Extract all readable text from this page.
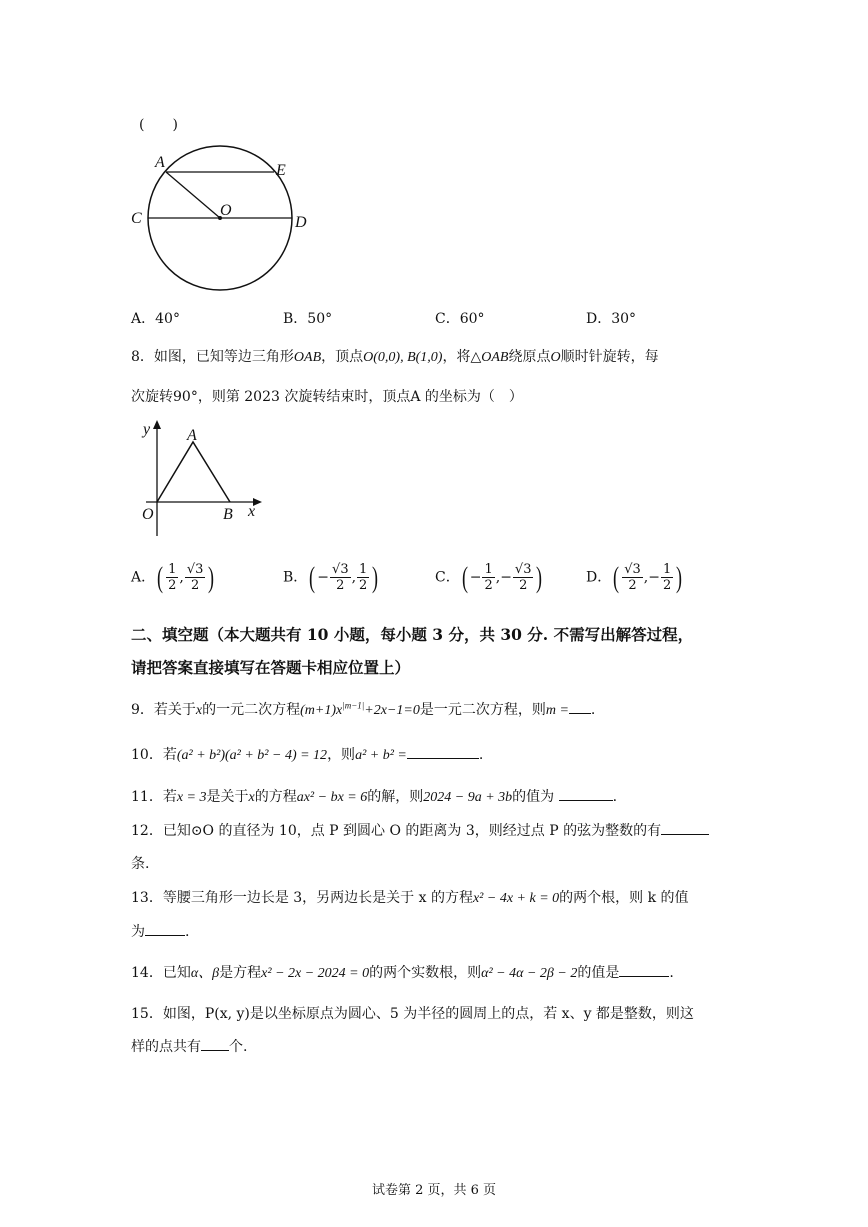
(　　)
A	E
O
C	D
A．40°	B．50°	C．60°	D．30°
8．如图，已知等边三角形OAB，顶点O(0,0), B(1,0)，将△OAB绕原点O顺时针旋转，每
次旋转90°，则第 2023 次旋转结束时，顶点A 的坐标为（　）
y A
O	B x
A．( $\frac{1}{2}$ , $\frac{√3}{2}$ )	B．( − $\frac{√3}{2}$ , $\frac{1}{2}$ )	C．( − $\frac{1}{2}$ ,− $\frac{√3}{2}$ )	D．( $\frac{√3}{2}$ ,− $\frac{1}{2}$ )
二、填空题（本大题共有 10 小题，每小题 3 分，共 30 分. 不需写出解答过程，
请把答案直接填写在答题卡相应位置上）
9．若关于x的一元二次方程$(m+1)x^{|m-1|}+2x-1=0$是一元二次方程，则m = .
10．若(a² + b²)(a² + b² − 4) = 12，则a² + b² =	.
11．若x = 3是关于x的方程ax² − bx = 6的解，则2024 − 9a + 3b的值为	.
12．已知⊙O 的直径为 10，点 P 到圆心 O 的距离为 3，则经过点 P 的弦为整数的有
条.
13．等腰三角形一边长是 3，另两边长是关于 x 的方程x² − 4x + k = 0的两个根，则 k 的值
为	.
14．已知α、β是方程x² − 2x − 2024 = 0的两个实数根，则α² − 4α − 2β − 2的值是	.
15．如图，P(x, y)是以坐标原点为圆心、5 为半径的圆周上的点，若 x、y 都是整数，则这
样的点共有 个.
试卷第 2 页，共 6 页
